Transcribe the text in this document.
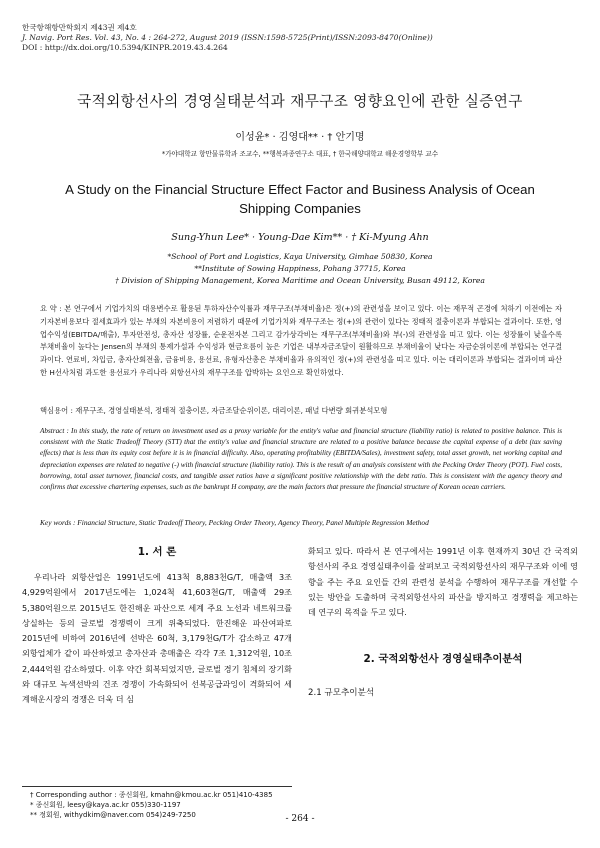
한국항해항만학회지 제43권 제4호
J. Navig. Port Res. Vol. 43, No. 4 : 264-272, August 2019 (ISSN:1598-5725(Print)/ISSN:2093-8470(Online))
DOI : http://dx.doi.org/10.5394/KINPR.2019.43.4.264
국적외항선사의 경영실태분석과 재무구조 영향요인에 관한 실증연구
이성윤* · 김영대** · † 안기명
*가야대학교 항만물류학과 조교수, **행복과종연구소 대표, † 한국해양대학교 해운경영학부 교수
A Study on the Financial Structure Effect Factor and Business Analysis of Ocean Shipping Companies
Sung-Yhun Lee* · Young-Dae Kim** · † Ki-Myung Ahn
*School of Port and Logistics, Kaya University, Gimhae 50830, Korea
**Institute of Sowing Happiness, Pohang 37715, Korea
† Division of Shipping Management, Korea Maritime and Ocean University, Busan 49112, Korea
요 약 : 본 연구에서 기업가치의 대용변수로 활용된 투하자산수익률과 재무구조(부채비율)은 정(+)의 관련성을 보이고 있다. 이는 재무적 곤경에 처하기 이전에는 자기자본비용보다 절세효과가 있는 부채의 자본비용이 저렴하기 때문에 기업가치와 재무구조는 정(+)의 관련이 있다는 정태적 절충이론과 부합되는 결과이다. 또한, 영업수익성(EBITDA/매출), 투자안전성, 총자산 성장률, 순운전자본 그리고 감가상각비는 재무구조(부채비율)와 부(-)의 관련성을 띠고 있다. 이는 성장률이 낮을수록 부채비율이 높다는 Jensen의 부채의 통제가설과 수익성과 현금흐름이 높은 기업은 내부자금조달이 원활하므로 부채비율이 낮다는 자금순위이론에 부합되는 연구결과이다. 연료비, 차입금, 총자산회전율, 금융비용, 용선료, 유형자산총은 부채비율과 유의적인 정(+)의 관련성을 띠고 있다. 이는 대리이론과 부합되는 결과이며 파산한 H선사처럼 과도한 용선료가 우리나라 외항선사의 재무구조를 압박하는 요인으로 확인하였다.
핵심용어 : 재무구조, 경영실태분석, 정태적 절충이론, 자금조달순위이론, 대리이론, 패널 다변량 회귀분석모형
Abstract : In this study, the rate of return on investment used as a proxy variable for the entity's value and financial structure (liability ratio) is related to positive balance. This is consistent with the Static Tradeoff Theory (STT) that the entity's value and financial structure are related to a positive balance because the capital expense of a debt (tax saving effects) that is less than its equity cost before it is in financial difficulty. Also, operating profitability (EBITDA/Sales), investment safety, total asset growth, net working capital and depreciation expenses are related to negative (-) with financial structure (liability ratio). This is the result of an analysis consistent with the Pecking Order Theory (POT). Fuel costs, borrowing, total asset turnover, financial costs, and tangible asset ratios have a significant positive relationship with the debt ratio. This is consistent with the agency theory and confirms that excessive chartering expenses, such as the bankrupt H company, are the main factors that pressure the financial structure of Korean ocean carriers.
Key words : Financial Structure, Static Tradeoff Theory, Pecking Order Theory, Agency Theory, Panel Multiple Regression Method
1. 서 론

우리나라 외항산업은 1991년도에 413척 8,883천G/T, 매출액 3조 4,929억원에서 2017년도에는 1,024척 41,603천G/T, 매출액 29조 5,380억원으로 2015년도 한진해운 파산으로 세계 주요 노선과 네트워크를 상실하는 등의 글로벌 경쟁력이 크게 위축되었다. 한진해운 파산여파로 2015년에 비하여 2016년에 선박은 60척, 3,179천G/T가 감소하고 47개 외항업체가 같이 파산하였고 총자산과 총매출은 각각 7조 1,312억원, 10조 2,444억원 감소하였다. 이후 약간 회복되었지만, 글로벌 경기 침체의 장기화와 대규모 녹색선박의 건조 경쟁이 가속화되어 선복공급과잉이 격화되어 세계해운시장의 경쟁은 더욱 더 심

화되고 있다. 따라서 본 연구에서는 1991년 이후 현재까지 30년 간 국적외항선사의 주요 경영실태추이를 살펴보고 국적외항선사의 재무구조와 이에 영향을 주는 주요 요인들 간의 관련성 분석을 수행하여 재무구조를 개선할 수 있는 방안을 도출하며 국적외항선사의 파산을 방지하고 경쟁력을 제고하는 데 연구의 목적을 두고 있다.

2. 국적외항선사 경영실태추이분석
2.1 규모추이분석
† Corresponding author : 종신회원, kmahn@kmou.ac.kr 051)410-4385
* 종신회원, leesy@kaya.ac.kr 055)330-1197
** 정회원, withydkim@naver.com 054)249-7250	- 264 -
